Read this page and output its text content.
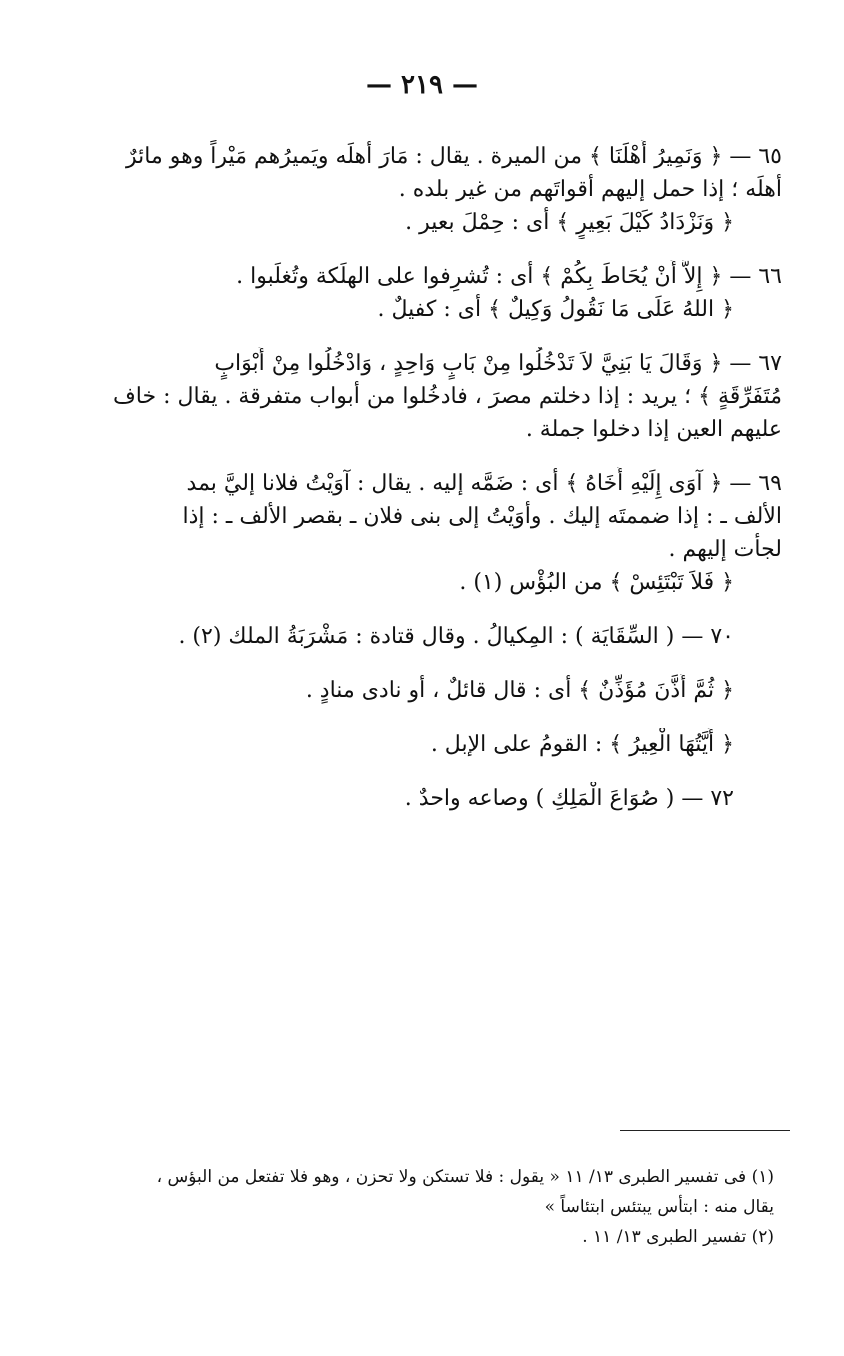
— ٢١٩ —
٦٥ — ﴿ وَنَمِيرُ أَهْلَنَا ﴾ من الميرة . يقال : مَارَ أهلَه ويَميرُهم مَيْراً وهو مائرٌ
أهلَه ؛ إذا حمل إليهم أقواتَهم من غير بلده .
﴿ وَنَزْدَادُ كَيْلَ بَعِيرٍ ﴾ أى : حِمْلَ بعير .
٦٦ — ﴿ إِلاَّ أَنْ يُحَاطَ بِكُمْ ﴾ أى : تُشرِفوا على الهلَكة وتُغلَبوا .
﴿ اللهُ عَلَى مَا نَقُولُ وَكِيلٌ ﴾ أى : كفيلٌ .
٦٧ — ﴿ وَقَالَ يَا بَنِيَّ لاَ تَدْخُلُوا مِنْ بَابٍ وَاحِدٍ ، وَادْخُلُوا مِنْ أَبْوَابٍ
مُتَفَرِّقَةٍ ﴾ ؛ يريد : إذا دخلتم مصرَ ، فادخُلوا من أبواب متفرقة . يقال : خاف
عليهم العين إذا دخلوا جملة .
٦٩ — ﴿ آوَى إِلَيْهِ أَخَاهُ ﴾ أى : ضَمَّه إليه . يقال : آوَيْتُ فلانا إليَّ بمد
الألف ـ : إذا ضممتَه إليك . وأوَيْتُ إلى بنى فلان ـ بقصر الألف ـ : إذا
لجأت إليهم .
﴿ فَلاَ تَبْتَئِسْ ﴾ من البُؤْس (١) .
٧٠ — ( السِّقَايَة ) : المِكيالُ . وقال قتادة : مَشْرَبَةُ الملك (٢) .
﴿ ثُمَّ أَذَّنَ مُؤَذِّنٌ ﴾ أى : قال قائلٌ ، أو نادى منادٍ .
﴿ أَيَّتُهَا الْعِيرُ ﴾ : القومُ على الإبل .
٧٢ — ( صُوَاعَ الْمَلِكِ ) وصاعه واحدٌ .
(١) فى تفسير الطبرى ١٣/ ١١ « يقول : فلا تستكن ولا تحزن ، وهو فلا تفتعل من البؤس ،
يقال منه : ابتأس يبتئس ابتئاساً »
(٢) تفسير الطبرى ١٣/ ١١ .
